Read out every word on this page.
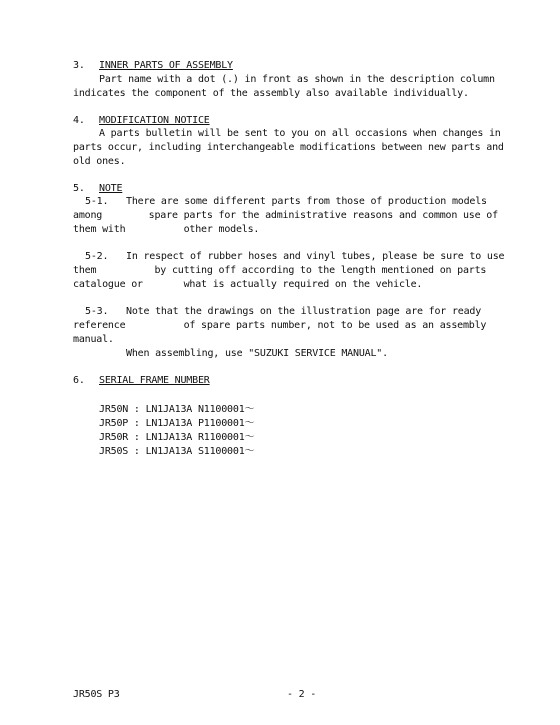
3. INNER PARTS OF ASSEMBLY
Part name with a dot (.) in front as shown in the description column
indicates the component of the assembly also available individually.
4. MODIFICATION NOTICE
A parts bulletin will be sent to you on all occasions when changes in
parts occur, including interchangeable modifications between new parts and
old ones.
5. NOTE
5-1. There are some different parts from those of production models
among        spare parts for the administrative reasons and common use of
them with          other models.
5-2. In respect of rubber hoses and vinyl tubes, please be sure to use
them          by cutting off according to the length mentioned on parts
catalogue or       what is actually required on the vehicle.
5-3. Note that the drawings on the illustration page are for ready
reference          of spare parts number, not to be used as an assembly
manual.
When assembling, use "SUZUKI SERVICE MANUAL".
6. SERIAL FRAME NUMBER
JR50N : LN1JA13A N1100001～
JR50P : LN1JA13A P1100001～
JR50R : LN1JA13A R1100001～
JR50S : LN1JA13A S1100001～
JR50S P3	- 2 -
